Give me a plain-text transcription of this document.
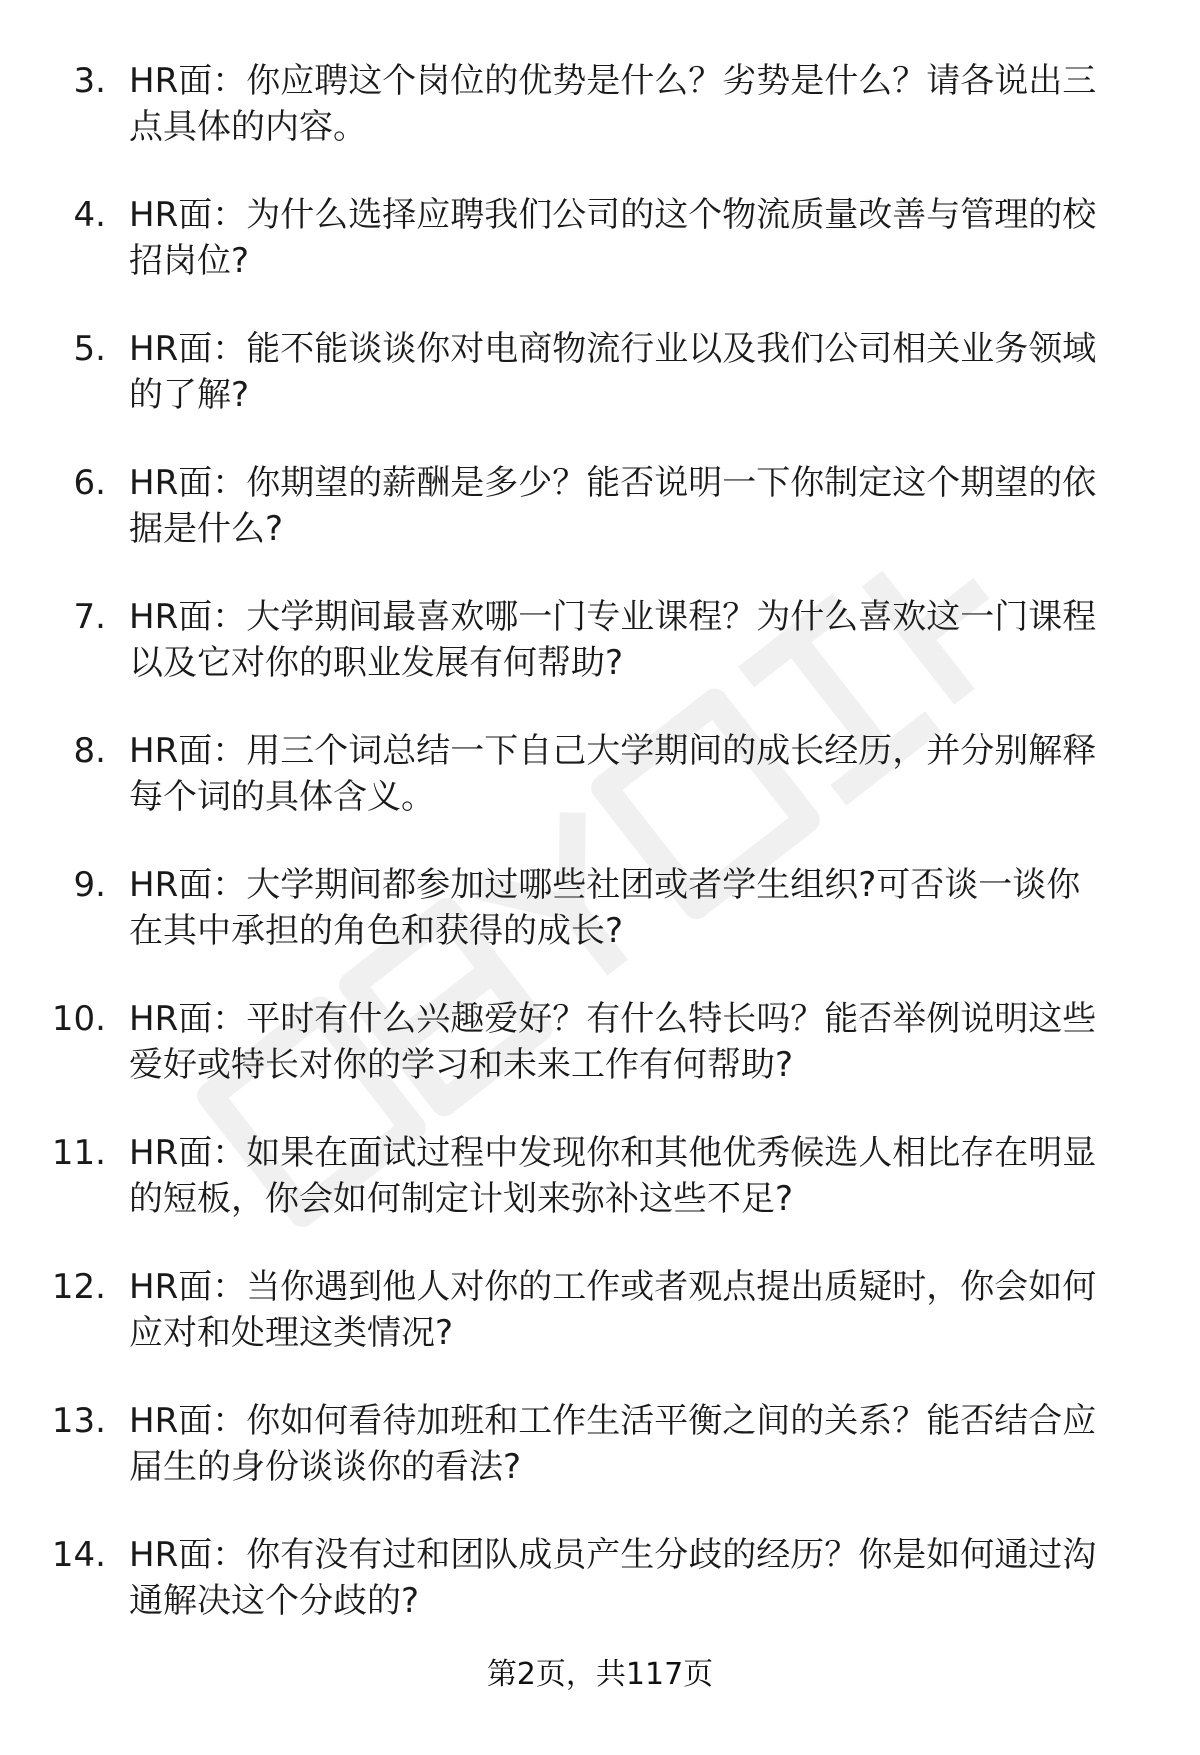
3. HR面：你应聘这个岗位的优势是什么？劣势是什么？请各说出三
点具体的内容。
4. HR面：为什么选择应聘我们公司的这个物流质量改善与管理的校
招岗位?
5. HR面：能不能谈谈你对电商物流行业以及我们公司相关业务领域
的了解?
6. HR面：你期望的薪酬是多少？能否说明一下你制定这个期望的依
据是什么?
7. HR面：大学期间最喜欢哪一门专业课程？为什么喜欢这一门课程
以及它对你的职业发展有何帮助?
8. HR面：用三个词总结一下自己大学期间的成长经历，并分别解释
每个词的具体含义。
9. HR面：大学期间都参加过哪些社团或者学生组织?可否谈一谈你
在其中承担的角色和获得的成长?
10. HR面：平时有什么兴趣爱好？有什么特长吗？能否举例说明这些
爱好或特长对你的学习和未来工作有何帮助?
11. HR面：如果在面试过程中发现你和其他优秀候选人相比存在明显
的短板，你会如何制定计划来弥补这些不足?
12. HR面：当你遇到他人对你的工作或者观点提出质疑时，你会如何
应对和处理这类情况?
13. HR面：你如何看待加班和工作生活平衡之间的关系？能否结合应
届生的身份谈谈你的看法?
14. HR面：你有没有过和团队成员产生分歧的经历？你是如何通过沟
通解决这个分歧的?
第2页，共117页
